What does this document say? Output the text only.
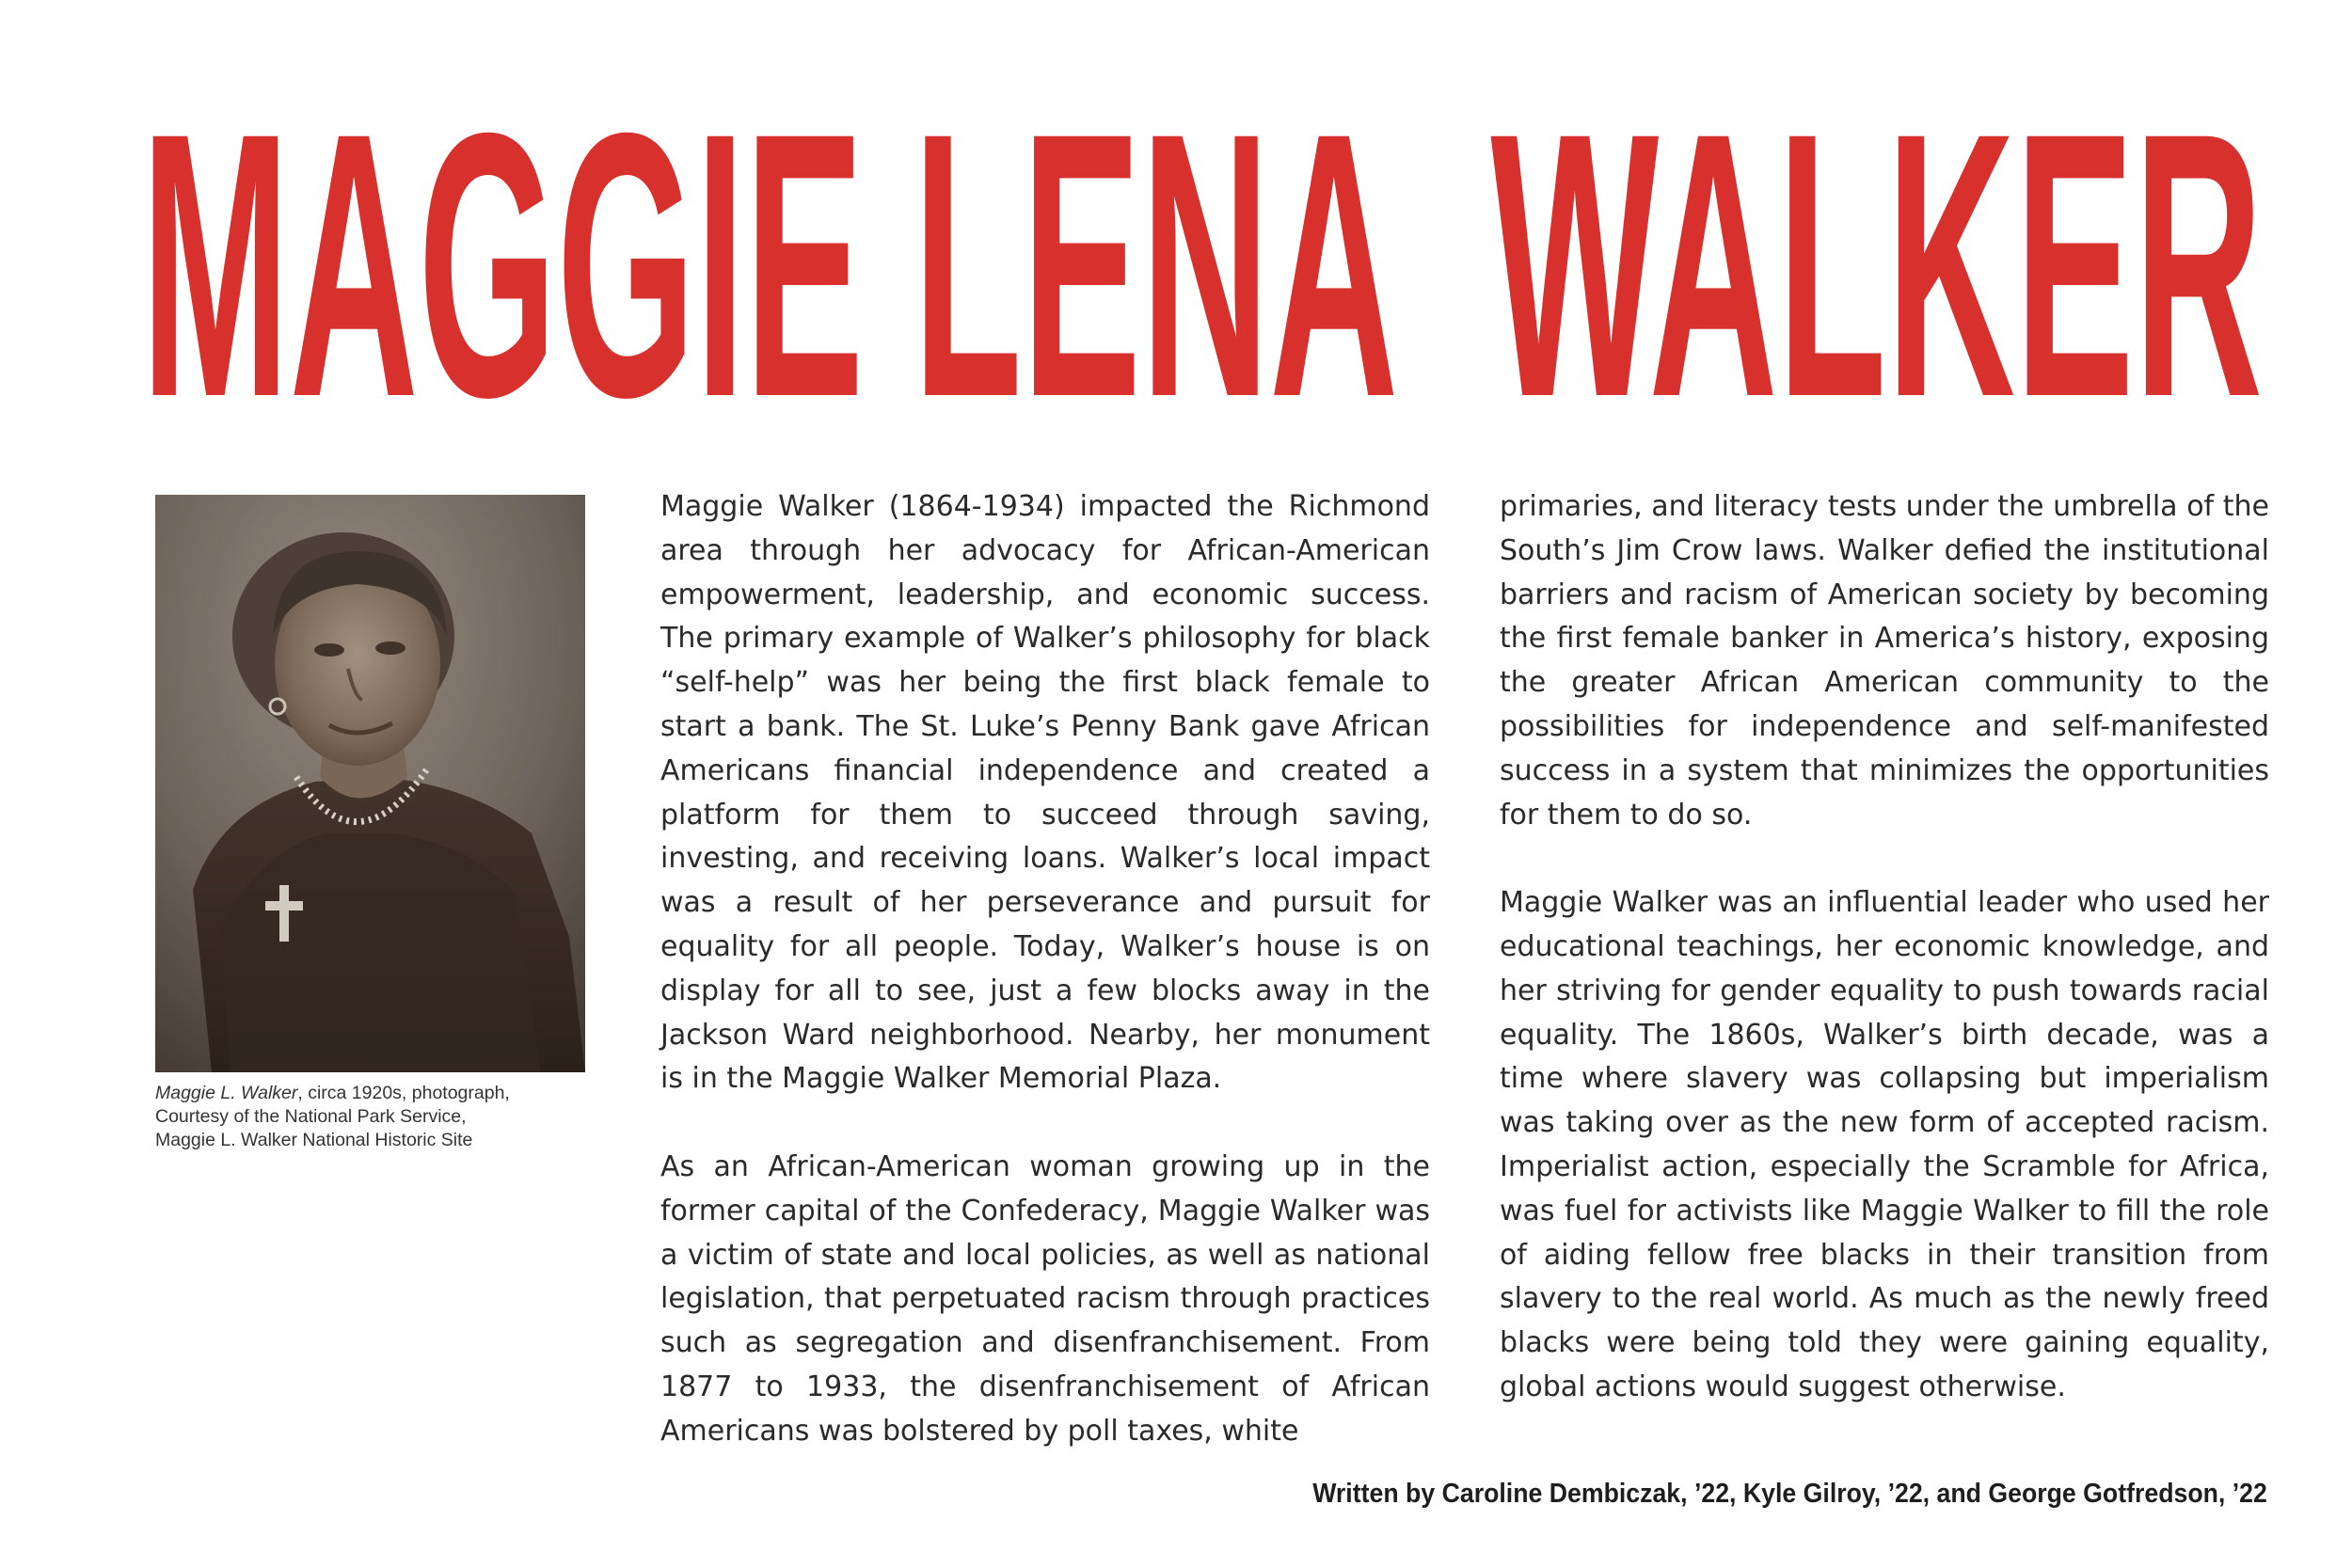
MAGGIE LENA  WALKER
Maggie L. Walker, circa 1920s, photograph,
Courtesy of the National Park Service,
Maggie L. Walker National Historic Site

Maggie Walker (1864-1934) impacted the Richmond area through her advocacy for African-American empowerment, leadership, and economic success. The primary example of Walker’s philosophy for black “self-help” was her being the first black female to start a bank. The St. Luke’s Penny Bank gave African Americans financial independence and created a platform for them to succeed through saving, investing, and receiving loans. Walker’s local impact was a result of her perseverance and pursuit for equality for all people. Today, Walker’s house is on display for all to see, just a few blocks away in the Jackson Ward neighborhood. Nearby, her monument is in the Maggie Walker Memorial Plaza.

As an African-American woman growing up in the former capital of the Confederacy, Maggie Walker was a victim of state and local policies, as well as national legislation, that perpetuated racism through practices such as segregation and disenfranchisement. From 1877 to 1933, the disenfranchisement of African Americans was bolstered by poll taxes, white

primaries, and literacy tests under the umbrella of the South’s Jim Crow laws. Walker defied the institutional barriers and racism of American society by becoming the first female banker in America’s history, exposing the greater African American community to the possibilities for independence and self-manifested success in a system that minimizes the opportunities for them to do so.

Maggie Walker was an influential leader who used her educational teachings, her economic knowledge, and her striving for gender equality to push towards racial equality. The 1860s, Walker’s birth decade, was a time where slavery was collapsing but imperialism was taking over as the new form of accepted racism. Imperialist action, especially the Scramble for Africa, was fuel for activists like Maggie Walker to fill the role of aiding fellow free blacks in their transition from slavery to the real world. As much as the newly freed blacks were being told they were gaining equality, global actions would suggest otherwise.

Written by Caroline Dembiczak, ’22, Kyle Gilroy, ’22, and George Gotfredson, ’22
